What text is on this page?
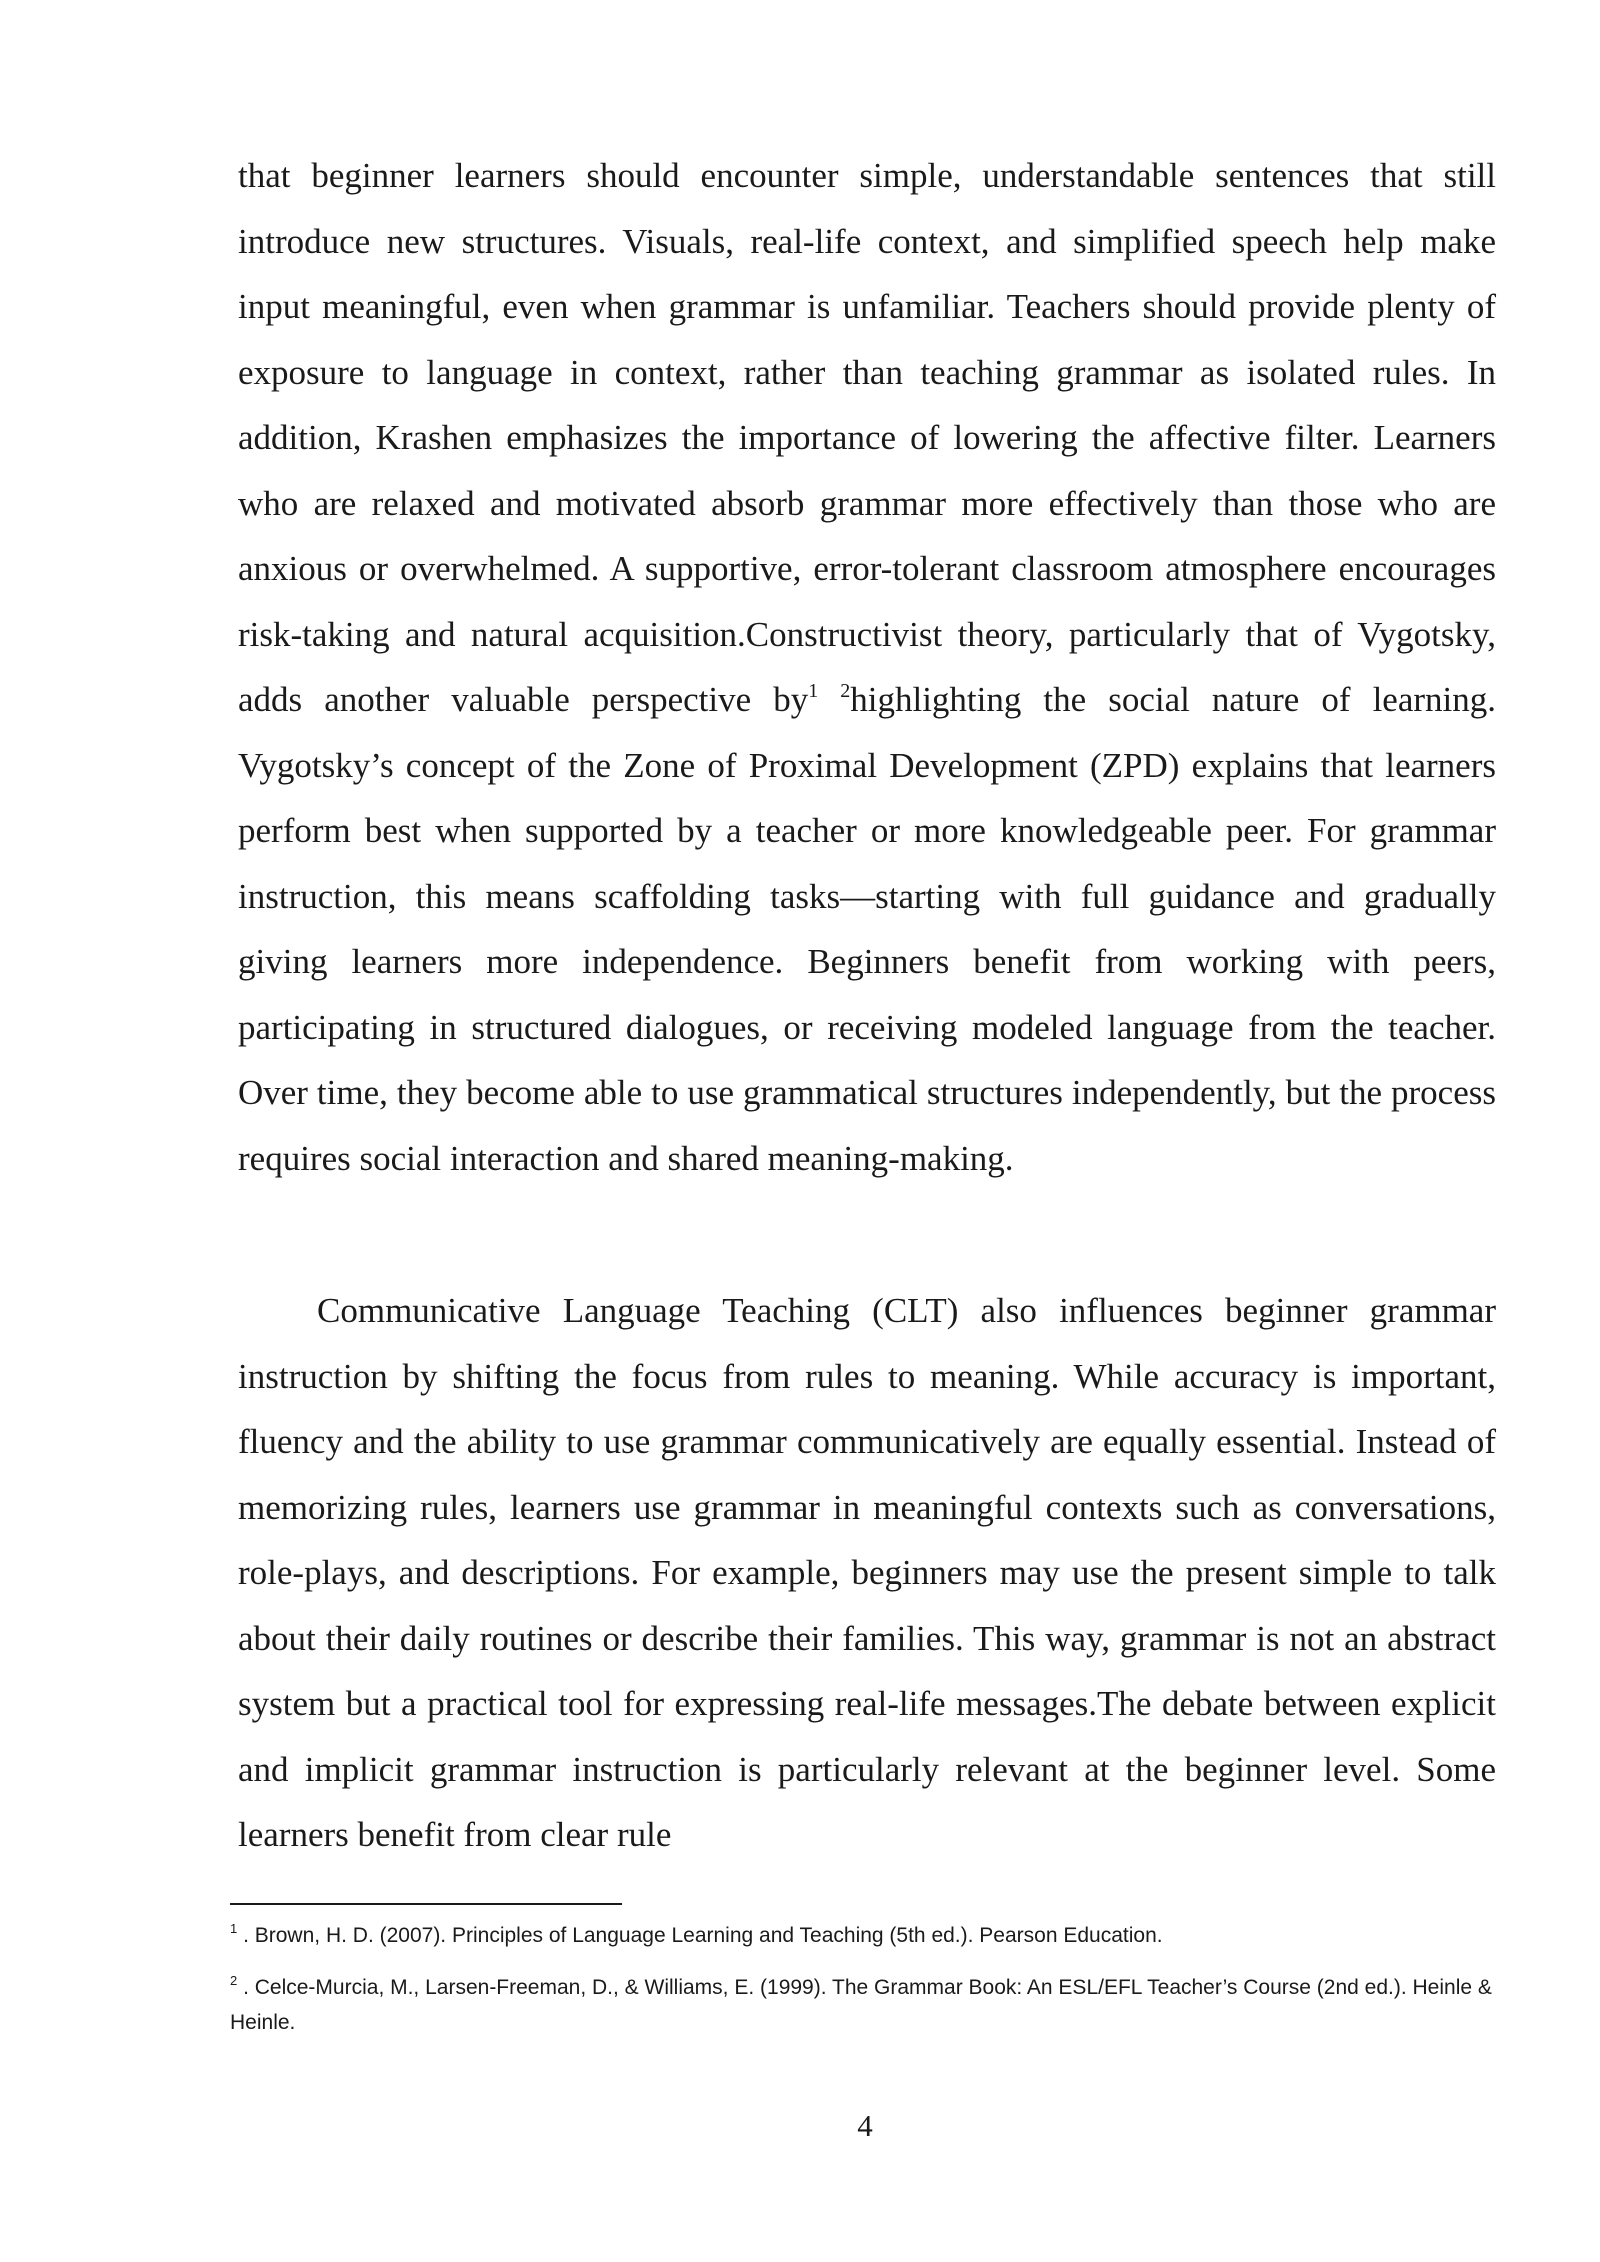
that beginner learners should encounter simple, understandable sentences that still introduce new structures. Visuals, real-life context, and simplified speech help make input meaningful, even when grammar is unfamiliar. Teachers should provide plenty of exposure to language in context, rather than teaching grammar as isolated rules. In addition, Krashen emphasizes the importance of lowering the affective filter. Learners who are relaxed and motivated absorb grammar more effectively than those who are anxious or overwhelmed. A supportive, error-tolerant classroom atmosphere encourages risk-taking and natural acquisition.Constructivist theory, particularly that of Vygotsky, adds another valuable perspective by$^1$ $^2$highlighting the social nature of learning. Vygotsky’s concept of the Zone of Proximal Development (ZPD) explains that learners perform best when supported by a teacher or more knowledgeable peer. For grammar instruction, this means scaffolding tasks—starting with full guidance and gradually giving learners more independence. Beginners benefit from working with peers, participating in structured dialogues, or receiving modeled language from the teacher. Over time, they become able to use grammatical structures independently, but the process requires social interaction and shared meaning-making.

Communicative Language Teaching (CLT) also influences beginner grammar instruction by shifting the focus from rules to meaning. While accuracy is important, fluency and the ability to use grammar communicatively are equally essential. Instead of memorizing rules, learners use grammar in meaningful contexts such as conversations, role-plays, and descriptions. For example, beginners may use the present simple to talk about their daily routines or describe their families. This way, grammar is not an abstract system but a practical tool for expressing real-life messages.The debate between explicit and implicit grammar instruction is particularly relevant at the beginner level. Some learners benefit from clear rule

$^1$ . Brown, H. D. (2007). Principles of Language Learning and Teaching (5th ed.). Pearson Education.

$^2$ . Celce-Murcia, M., Larsen-Freeman, D., & Williams, E. (1999). The Grammar Book: An ESL/EFL Teacher’s Course (2nd ed.). Heinle & Heinle.

4
